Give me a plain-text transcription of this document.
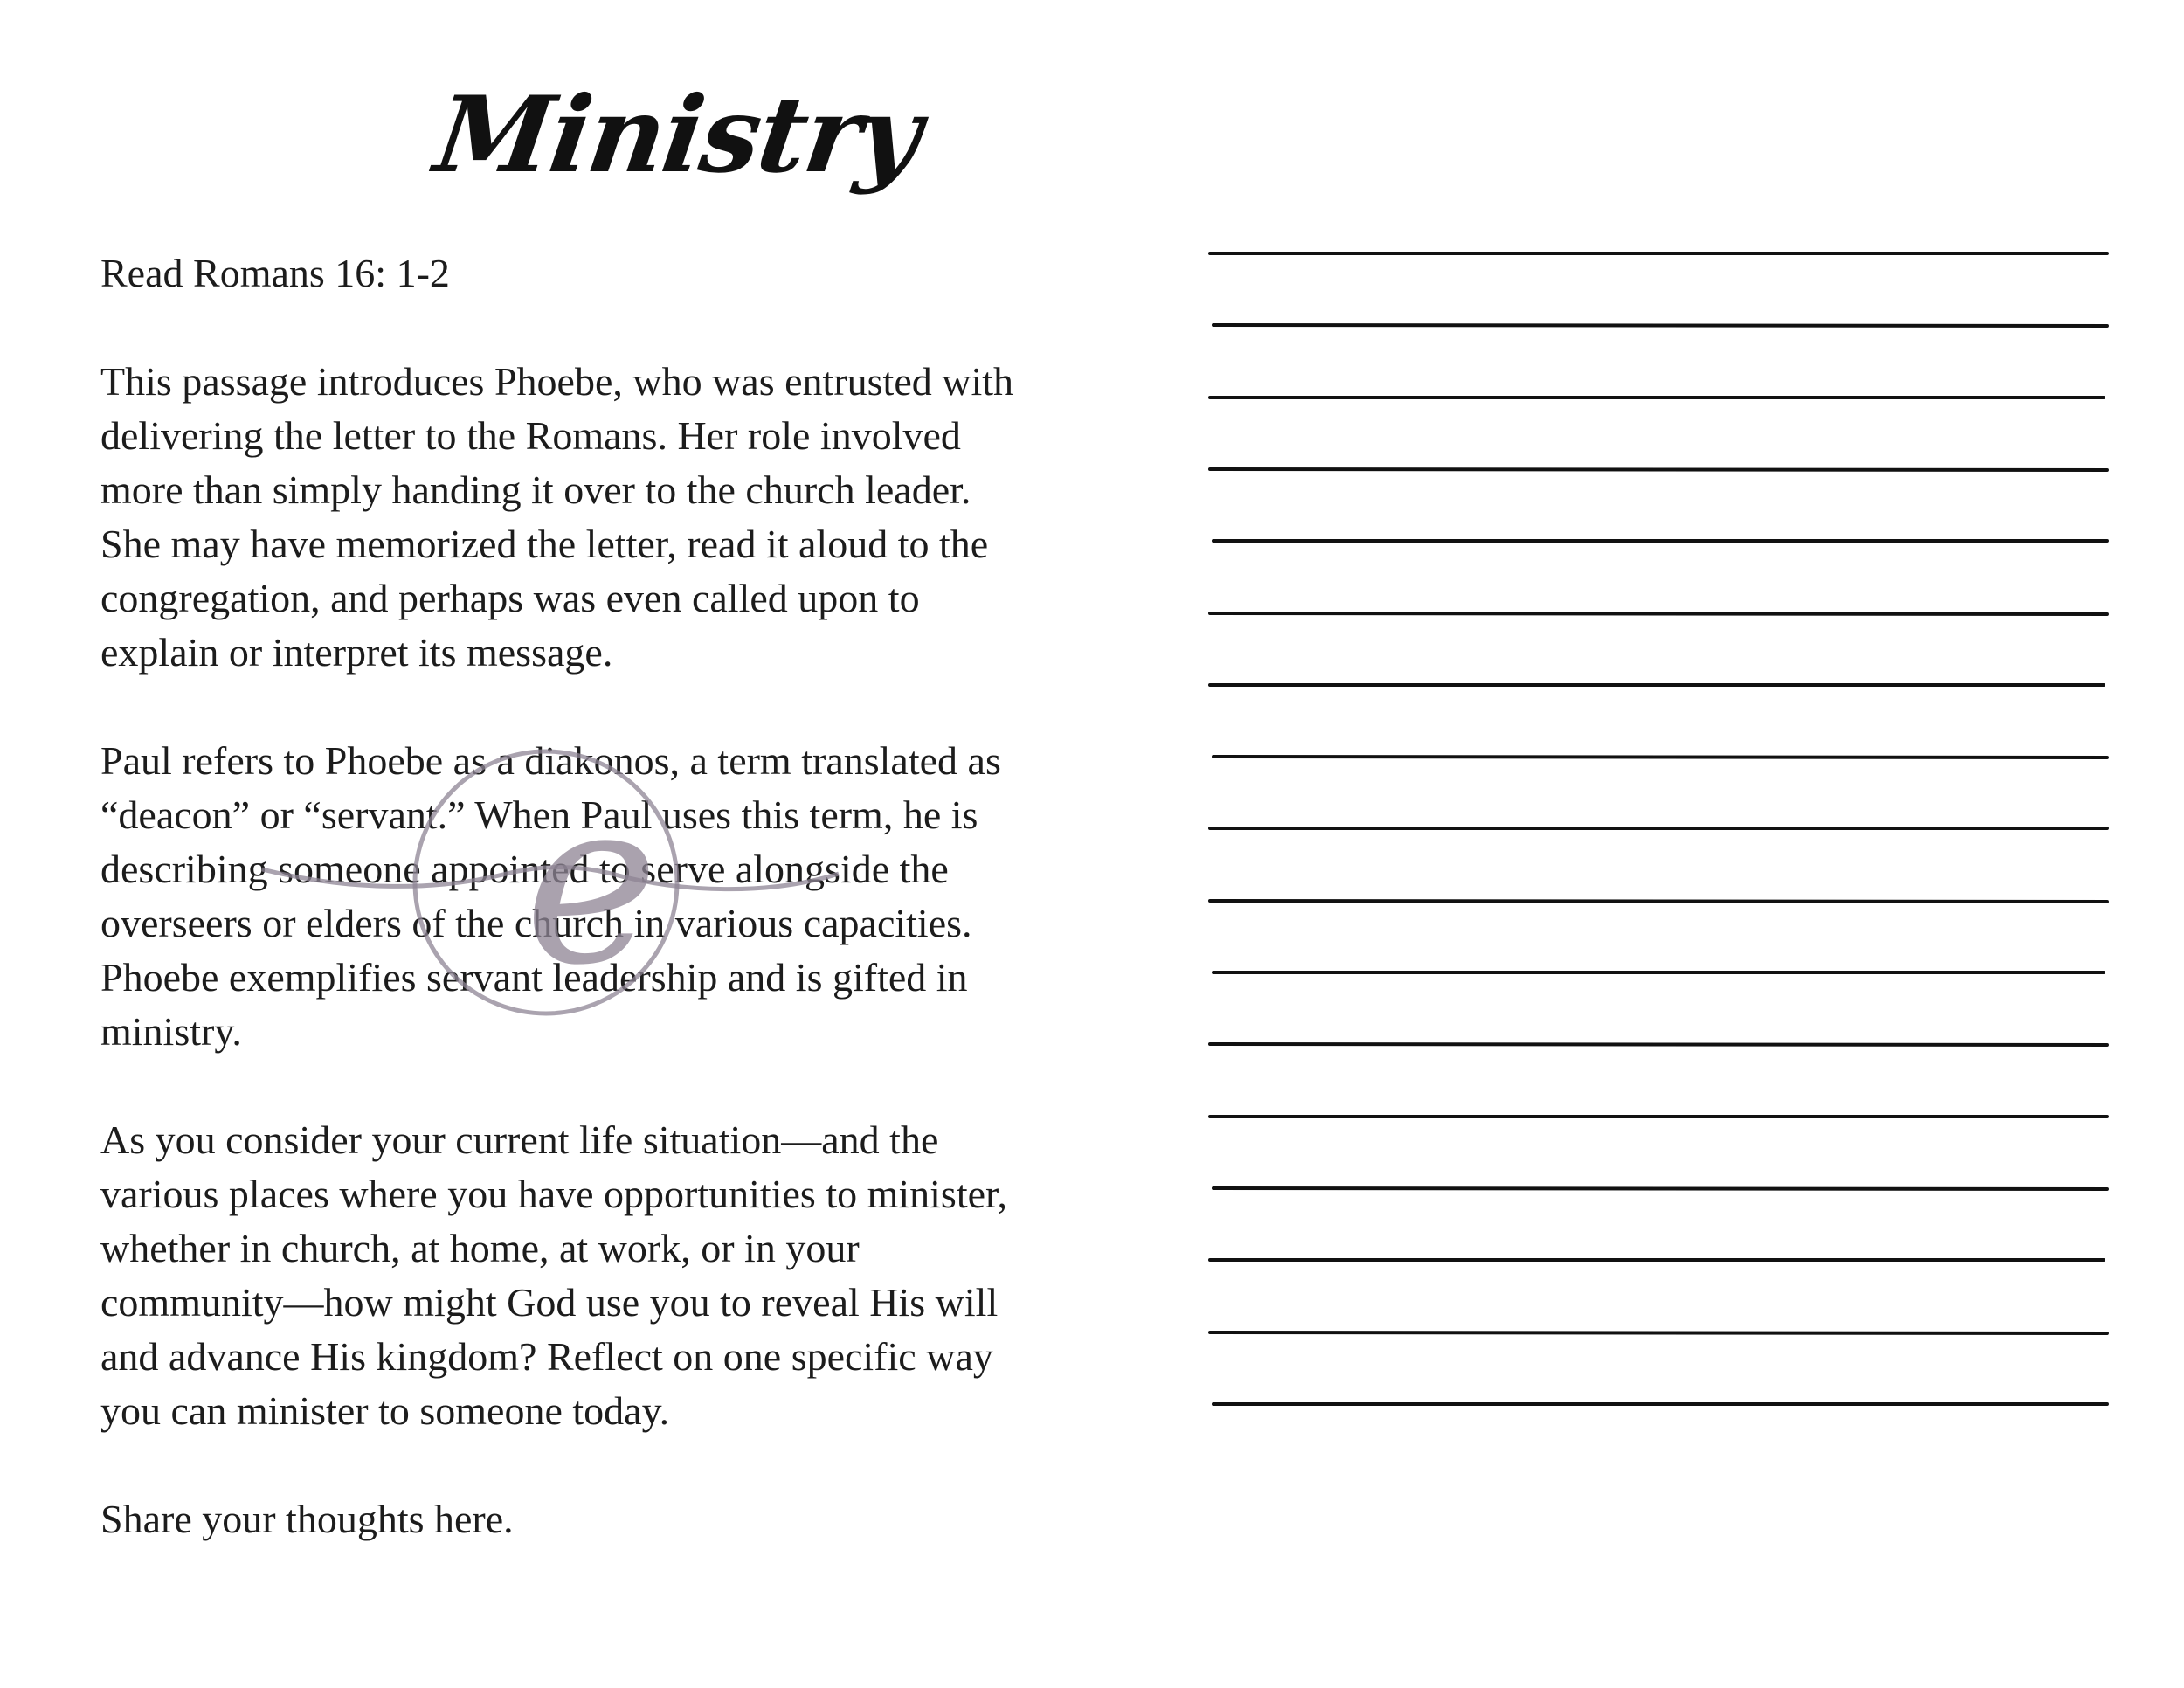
Ministry

Read Romans 16: 1-2

This passage introduces Phoebe, who was entrusted with delivering the letter to the Romans. Her role involved more than simply handing it over to the church leader. She may have memorized the letter, read it aloud to the congregation, and perhaps was even called upon to explain or interpret its message.

Paul refers to Phoebe as a diakonos, a term translated as “deacon” or “servant.” When Paul uses this term, he is describing someone appointed to serve alongside the overseers or elders of the church in various capacities. Phoebe exemplifies servant leadership and is gifted in ministry.

As you consider your current life situation—and the various places where you have opportunities to minister, whether in church, at home, at work, or in your community—how might God use you to reveal His will and advance His kingdom? Reflect on one specific way you can minister to someone today.

Share your thoughts here.

e
